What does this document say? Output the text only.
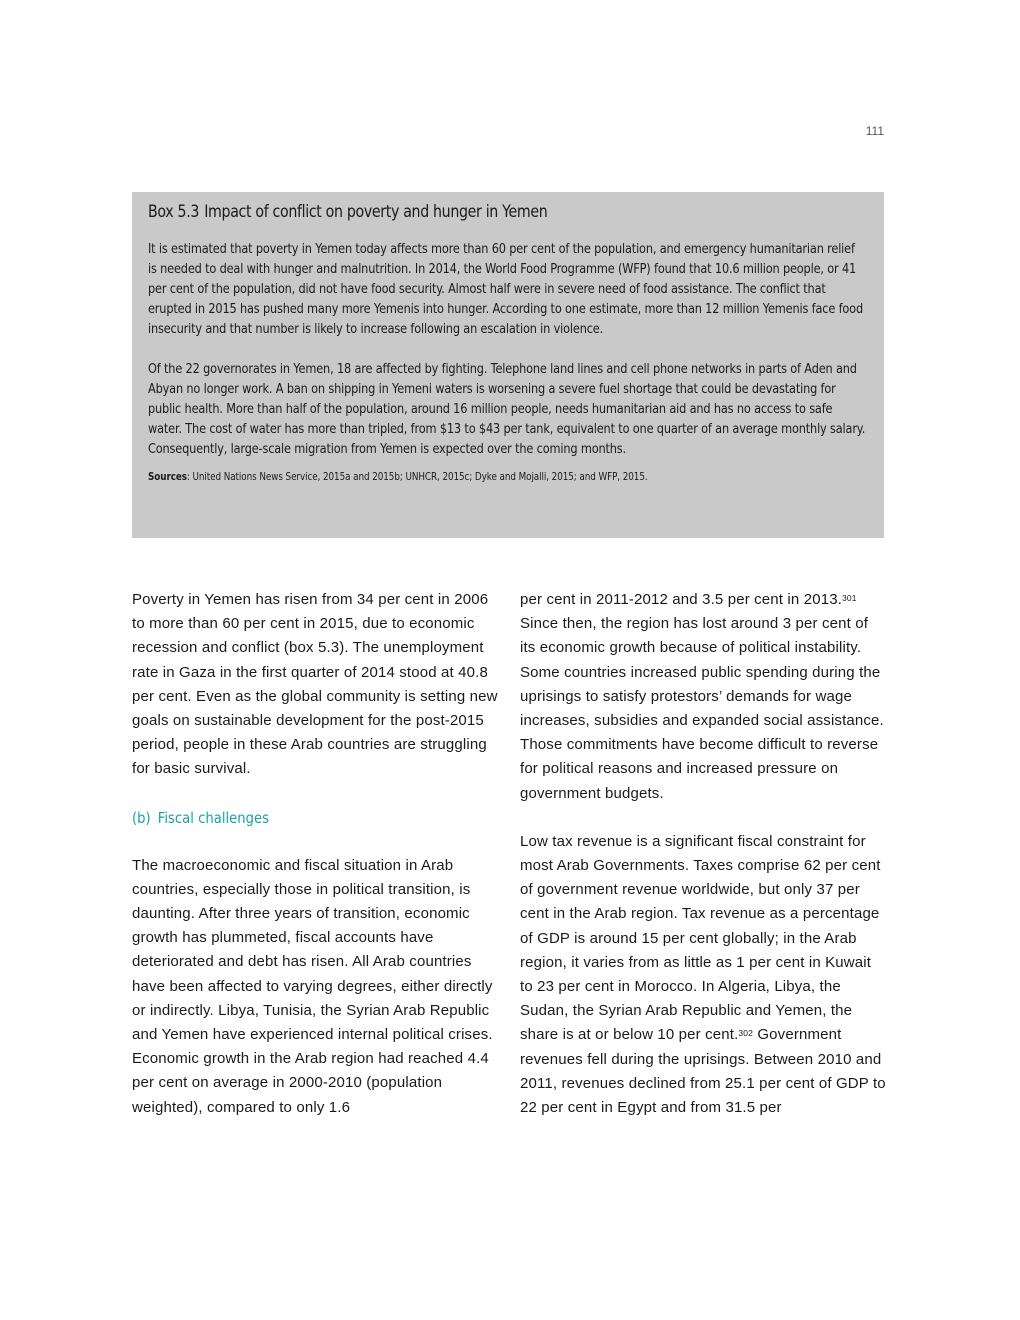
111
Box 5.3 Impact of conflict on poverty and hunger in Yemen

It is estimated that poverty in Yemen today affects more than 60 per cent of the population, and emergency humanitarian relief is needed to deal with hunger and malnutrition. In 2014, the World Food Programme (WFP) found that 10.6 million people, or 41 per cent of the population, did not have food security. Almost half were in severe need of food assistance. The conflict that erupted in 2015 has pushed many more Yemenis into hunger. According to one estimate, more than 12 million Yemenis face food insecurity and that number is likely to increase following an escalation in violence.

Of the 22 governorates in Yemen, 18 are affected by fighting. Telephone land lines and cell phone networks in parts of Aden and Abyan no longer work. A ban on shipping in Yemeni waters is worsening a severe fuel shortage that could be devastating for public health. More than half of the population, around 16 million people, needs humanitarian aid and has no access to safe water. The cost of water has more than tripled, from $13 to $43 per tank, equivalent to one quarter of an average monthly salary. Consequently, large-scale migration from Yemen is expected over the coming months.

Sources: United Nations News Service, 2015a and 2015b; UNHCR, 2015c; Dyke and Mojalli, 2015; and WFP, 2015.

Poverty in Yemen has risen from 34 per cent in 2006 to more than 60 per cent in 2015, due to economic recession and conflict (box 5.3). The unemployment rate in Gaza in the first quarter of 2014 stood at 40.8 per cent. Even as the global community is setting new goals on sustainable development for the post-2015 period, people in these Arab countries are struggling for basic survival.

(b) Fiscal challenges

The macroeconomic and fiscal situation in Arab countries, especially those in political transition, is daunting. After three years of transition, economic growth has plummeted, fiscal accounts have deteriorated and debt has risen. All Arab countries have been affected to varying degrees, either directly or indirectly. Libya, Tunisia, the Syrian Arab Republic and Yemen have experienced internal political crises. Economic growth in the Arab region had reached 4.4 per cent on average in 2000-2010 (population weighted), compared to only 1.6

per cent in 2011-2012 and 3.5 per cent in 2013.$^{301}$ Since then, the region has lost around 3 per cent of its economic growth because of political instability. Some countries increased public spending during the uprisings to satisfy protestors’ demands for wage increases, subsidies and expanded social assistance. Those commitments have become difficult to reverse for political reasons and increased pressure on government budgets.

Low tax revenue is a significant fiscal constraint for most Arab Governments. Taxes comprise 62 per cent of government revenue worldwide, but only 37 per cent in the Arab region. Tax revenue as a percentage of GDP is around 15 per cent globally; in the Arab region, it varies from as little as 1 per cent in Kuwait to 23 per cent in Morocco. In Algeria, Libya, the Sudan, the Syrian Arab Republic and Yemen, the share is at or below 10 per cent.$^{302}$ Government revenues fell during the uprisings. Between 2010 and 2011, revenues declined from 25.1 per cent of GDP to 22 per cent in Egypt and from 31.5 per
